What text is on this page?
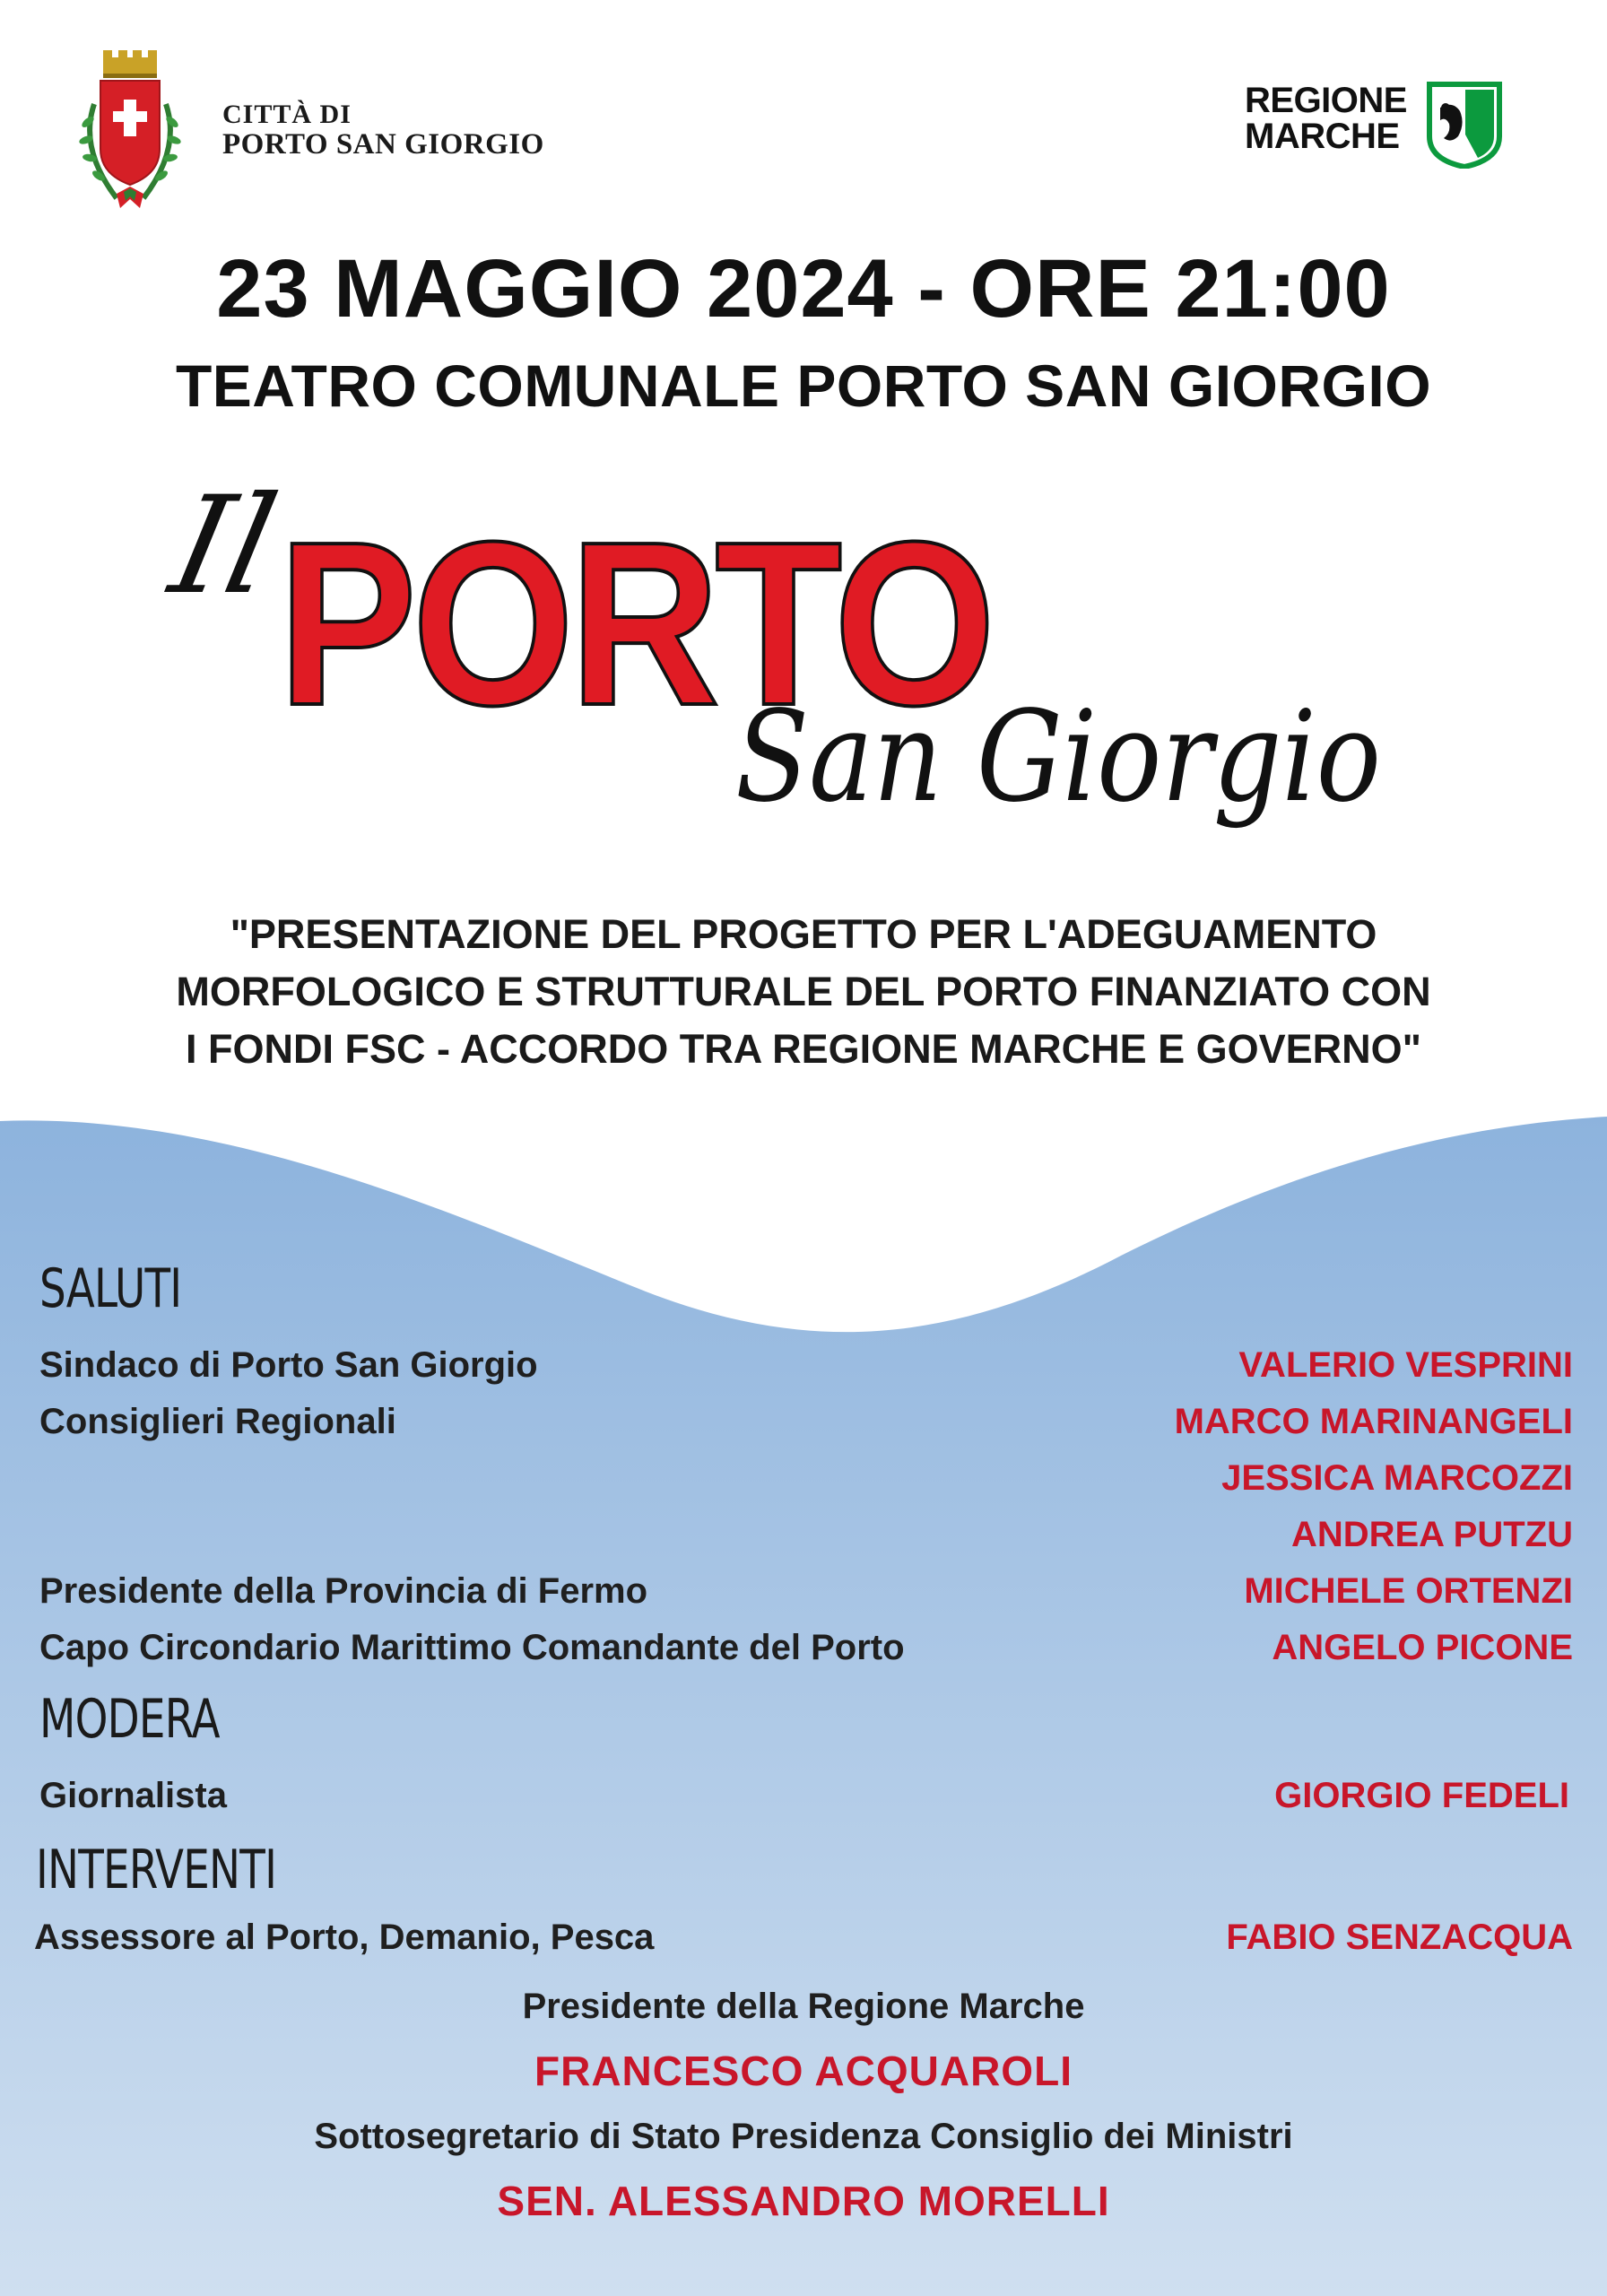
CITTÀ DI
PORTO SAN GIORGIO
REGIONE
MARCHE
23 MAGGIO 2024 - ORE 21:00
TEATRO COMUNALE PORTO SAN GIORGIO
Il
PORTO
San Giorgio
"PRESENTAZIONE DEL PROGETTO PER L'ADEGUAMENTO
MORFOLOGICO E STRUTTURALE DEL PORTO FINANZIATO CON
I FONDI FSC - ACCORDO TRA REGIONE MARCHE E GOVERNO"
SALUTI
Sindaco di Porto San Giorgio	VALERIO VESPRINI
Consiglieri Regionali	MARCO MARINANGELI
JESSICA MARCOZZI
ANDREA PUTZU
Presidente della Provincia di Fermo	MICHELE ORTENZI
Capo Circondario Marittimo Comandante del Porto	ANGELO PICONE
MODERA
Giornalista	GIORGIO FEDELI
INTERVENTI
Assessore al Porto, Demanio, Pesca	FABIO SENZACQUA
Presidente della Regione Marche
FRANCESCO ACQUAROLI
Sottosegretario di Stato Presidenza Consiglio dei Ministri
SEN. ALESSANDRO MORELLI
